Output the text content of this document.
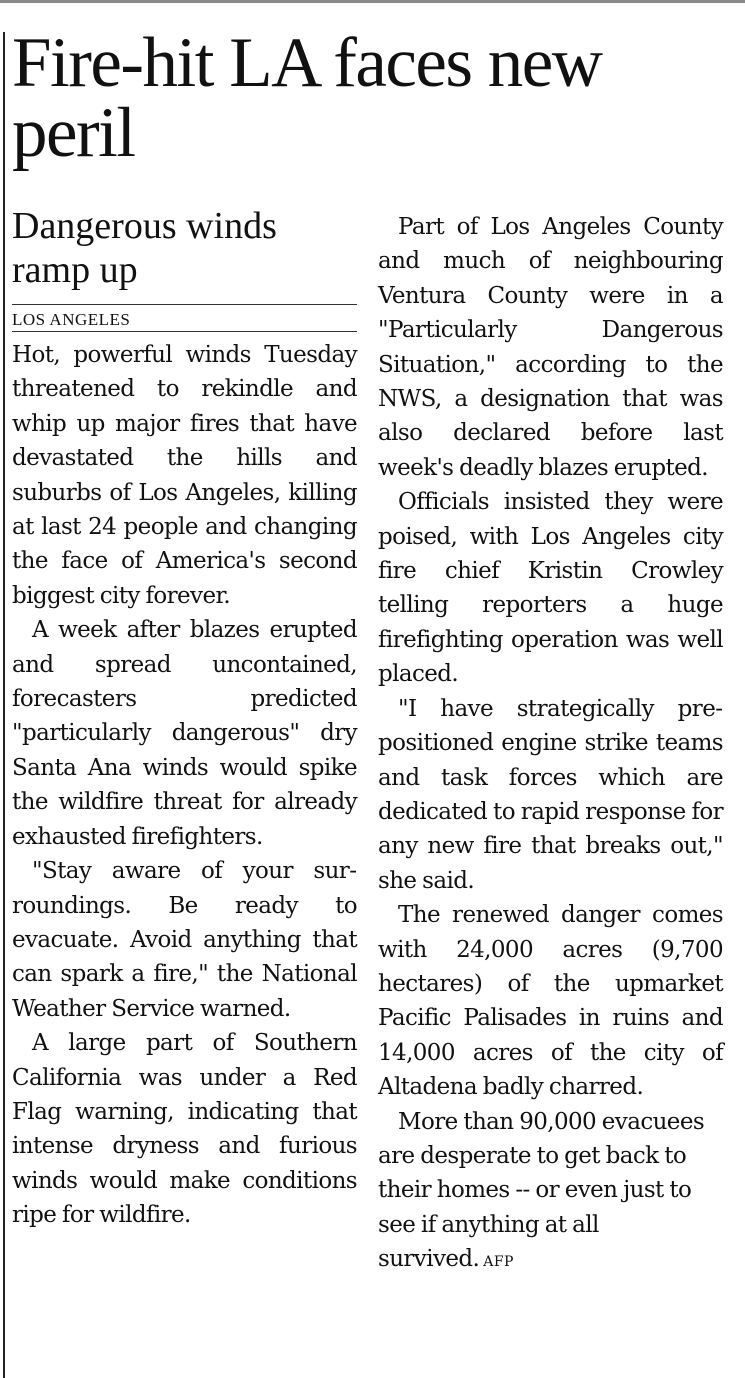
Fire-hit LA faces new peril
Dangerous winds ramp up
LOS ANGELES

Hot, powerful winds Tuesday threatened to rekindle and whip up major fires that have devastated the hills and suburbs of Los Angeles, killing at last 24 people and changing the face of America's second biggest city forever.

A week after blazes erupted and spread uncontained, forecasters predicted "particularly dangerous" dry Santa Ana winds would spike the wildfire threat for already exhausted firefighters.

"Stay aware of your surroundings. Be ready to evacuate. Avoid anything that can spark a fire," the National Weather Service warned.

A large part of Southern California was under a Red Flag warning, indicating that intense dryness and furious winds would make conditions ripe for wildfire.

Part of Los Angeles County and much of neighbouring Ventura County were in a "Particularly Dangerous Situation," according to the NWS, a designation that was also declared before last week's deadly blazes erupted.

Officials insisted they were poised, with Los Angeles city fire chief Kristin Crowley telling reporters a huge firefighting operation was well placed.

"I have strategically prepositioned engine strike teams and task forces which are dedicated to rapid response for any new fire that breaks out," she said.

The renewed danger comes with 24,000 acres (9,700 hectares) of the upmarket Pacific Palisades in ruins and 14,000 acres of the city of Altadena badly charred.

More than 90,000 evacuees are desperate to get back to their homes -- or even just to see if anything at all survived. AFP
